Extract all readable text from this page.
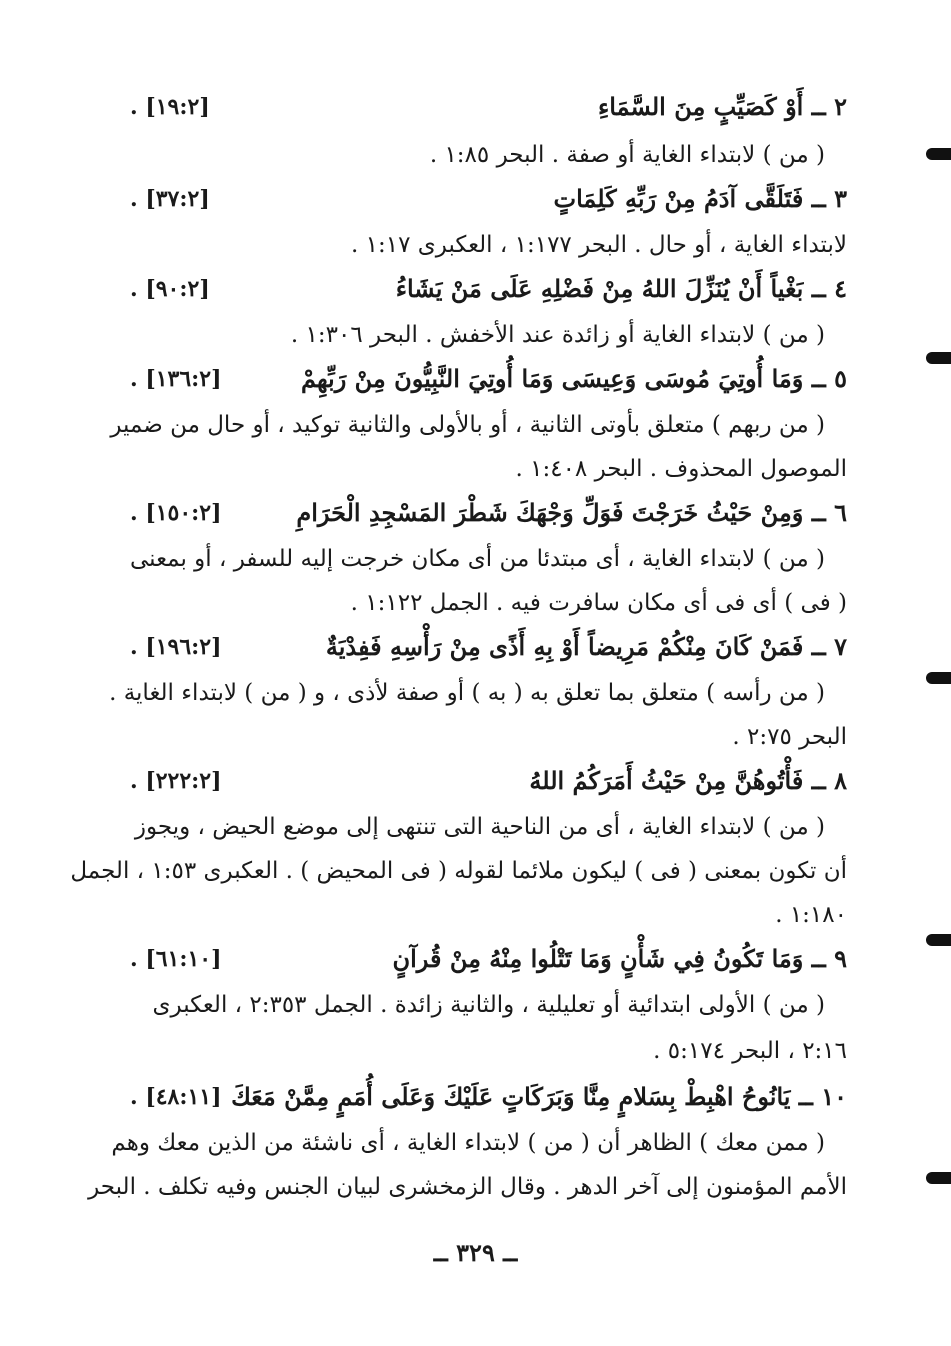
٢ ــ أَوْ كَصَيِّبٍ مِنَ السَّمَاءِ
. [١٩:٢]
( من ) لابتداء الغاية أو صفة . البحر ١:٨٥ .
٣ ــ فَتَلَقَّى آدَمُ مِنْ رَبِّهِ كَلِمَاتٍ
. [٣٧:٢]
لابتداء الغاية ، أو حال . البحر ١:١٧٧ ، العكبرى ١:١٧ .
٤ ــ بَغْياً أَنْ يُنَزِّلَ اللهُ مِنْ فَضْلِهِ عَلَى مَنْ يَشَاءُ
. [٩٠:٢]
( من ) لابتداء الغاية أو زائدة عند الأخفش . البحر ١:٣٠٦ .
٥ ــ وَمَا أُوتِيَ مُوسَى وَعِيسَى وَمَا أُوتِيَ النَّبِيُّونَ مِنْ رَبِّهِمْ
. [١٣٦:٢]
( من ربهم ) متعلق بأوتى الثانية ، أو بالأولى والثانية توكيد ، أو حال من ضمير
الموصول المحذوف . البحر ١:٤٠٨ .
٦ ــ وَمِنْ حَيْثُ خَرَجْتَ فَوَلِّ وَجْهَكَ شَطْرَ المَسْجِدِ الْحَرَامِ
. [١٥٠:٢]
( من ) لابتداء الغاية ، أى مبتدئا من أى مكان خرجت إليه للسفر ، أو بمعنى
( فى ) أى فى أى مكان سافرت فيه . الجمل ١:١٢٢ .
٧ ــ فَمَنْ كَانَ مِنْكُمْ مَرِيضاً أَوْ بِهِ أَذًى مِنْ رَأْسِهِ فَفِدْيَةٌ
. [١٩٦:٢]
( من رأسه ) متعلق بما تعلق به ( به ) أو صفة لأذى ، و ( من ) لابتداء الغاية .
البحر ٢:٧٥ .
٨ ــ فَأْتُوهُنَّ مِنْ حَيْثُ أَمَرَكُمُ اللهُ
. [٢٢٢:٢]
( من ) لابتداء الغاية ، أى من الناحية التى تنتهى إلى موضع الحيض ، ويجوز
أن تكون بمعنى ( فى ) ليكون ملائما لقوله ( فى المحيض ) . العكبرى ١:٥٣ ، الجمل
١:١٨٠ .
٩ ــ وَمَا تَكُونُ فِي شَأْنٍ وَمَا تَتْلُوا مِنْهُ مِنْ قُرآنٍ
. [٦١:١٠]
( من ) الأولى ابتدائية أو تعليلية ، والثانية زائدة . الجمل ٢:٣٥٣ ، العكبرى
٢:١٦ ، البحر ٥:١٧٤ .
١٠ ــ يَانُوحُ اهْبِطْ بِسَلامٍ مِنَّا وَبَرَكَاتٍ عَلَيْكَ وَعَلَى أُمَمٍ مِمَّنْ مَعَكَ
. [٤٨:١١]
( ممن معك ) الظاهر أن ( من ) لابتداء الغاية ، أى ناشئة من الذين معك وهم
الأمم المؤمنون إلى آخر الدهر . وقال الزمخشرى لبيان الجنس وفيه تكلف . البحر
ــ ٣٢٩ ــ
